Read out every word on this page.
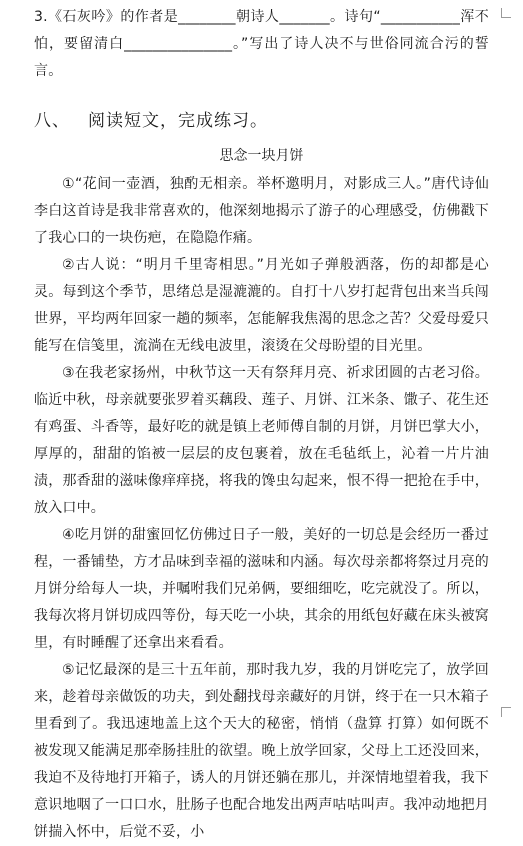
3.《石灰吟》的作者是________朝诗人_______。诗句“___________浑不怕，要留清白_______________。”写出了诗人决不与世俗同流合污的誓言。

八、 阅读短文，完成练习。
思念一块月饼

①“花间一壶酒，独酌无相亲。举杯邀明月，对影成三人。”唐代诗仙李白这首诗是我非常喜欢的，他深刻地揭示了游子的心理感受，仿佛戳下了我心口的一块伤疤，在隐隐作痛。

②古人说：“明月千里寄相思。”月光如子弹般洒落，伤的却都是心灵。每到这个季节，思绪总是湿漉漉的。自打十八岁打起背包出来当兵闯世界，平均两年回家一趟的频率，怎能解我焦渴的思念之苦？父爱母爱只能写在信笺里，流淌在无线电波里，滚烫在父母盼望的目光里。

③在我老家扬州，中秋节这一天有祭拜月亮、祈求团圆的古老习俗。临近中秋，母亲就要张罗着买藕段、莲子、月饼、江米条、馓子、花生还有鸡蛋、斗香等，最好吃的就是镇上老师傅自制的月饼，月饼巴掌大小，厚厚的，甜甜的馅被一层层的皮包裹着，放在毛毡纸上，沁着一片片油渍，那香甜的滋味像痒痒挠，将我的馋虫勾起来，恨不得一把抢在手中，放入口中。

④吃月饼的甜蜜回忆仿佛过日子一般，美好的一切总是会经历一番过程，一番铺垫，方才品味到幸福的滋味和内涵。每次母亲都将祭过月亮的月饼分给每人一块，并嘱咐我们兄弟俩，要细细吃，吃完就没了。所以，我每次将月饼切成四等份，每天吃一小块，其余的用纸包好藏在床头被窝里，有时睡醒了还拿出来看看。

⑤记忆最深的是三十五年前，那时我九岁，我的月饼吃完了，放学回来，趁着母亲做饭的功夫，到处翻找母亲藏好的月饼，终于在一只木箱子里看到了。我迅速地盖上这个天大的秘密，悄悄（盘算 打算）如何既不被发现又能满足那牵肠挂肚的欲望。晚上放学回家，父母上工还没回来，我迫不及待地打开箱子，诱人的月饼还躺在那儿，并深情地望着我，我下意识地咽了一口口水，肚肠子也配合地发出两声咕咕叫声。我冲动地把月饼揣入怀中，后觉不妥，小
